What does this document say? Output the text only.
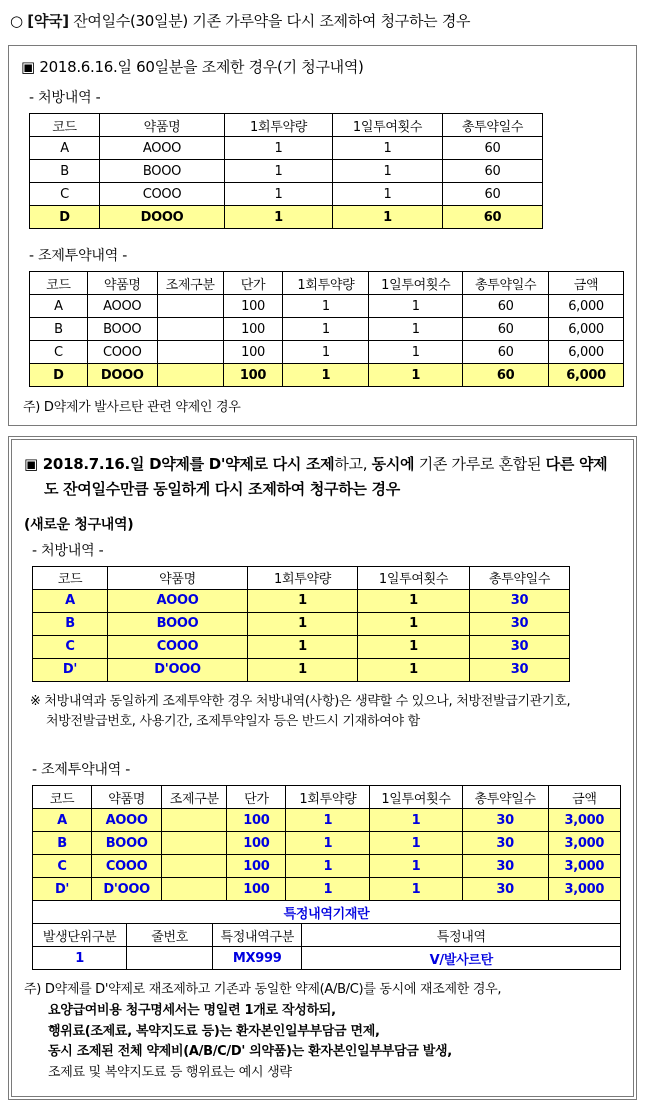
○ [약국] 잔여일수(30일분) 기존 가루약을 다시 조제하여 청구하는 경우
▣ 2018.6.16.일 60일분을 조제한 경우(기 청구내역)
- 처방내역 -
코드	약품명	1회투약량	1일투여횟수	총투약일수
A	AOOO	1	1	60
B	BOOO	1	1	60
C	COOO	1	1	60
D	DOOO	1	1	60
- 조제투약내역 -
코드	약품명	조제구분	단가	1회투약량	1일투여횟수	총투약일수	금액
A	AOOO		100	1	1	60	6,000
B	BOOO		100	1	1	60	6,000
C	COOO		100	1	1	60	6,000
D	DOOO		100	1	1	60	6,000
주) D약제가 발사르탄 관련 약제인 경우
▣ 2018.7.16.일 D약제를 D'약제로 다시 조제하고, 동시에 기존 가루로 혼합된 다른 약제도 잔여일수만큼 동일하게 다시 조제하여 청구하는 경우
(새로운 청구내역)
- 처방내역 -
코드	약품명	1회투약량	1일투여횟수	총투약일수
A	AOOO	1	1	30
B	BOOO	1	1	30
C	COOO	1	1	30
D'	D'OOO	1	1	30
※ 처방내역과 동일하게 조제투약한 경우 처방내역(사항)은 생략할 수 있으나, 처방전발급기관기호,
처방전발급번호, 사용기간, 조제투약일자 등은 반드시 기재하여야 함
- 조제투약내역 -
코드	약품명	조제구분	단가	1회투약량	1일투여횟수	총투약일수	금액
A	AOOO		100	1	1	30	3,000
B	BOOO		100	1	1	30	3,000
C	COOO		100	1	1	30	3,000
D'	D'OOO		100	1	1	30	3,000
특정내역기재란			
발생단위구분	줄번호	특정내역구분	특정내역
1		MX999	V/발사르탄
주) D약제를 D'약제로 재조제하고 기존과 동일한 약제(A/B/C)를 동시에 재조제한 경우,
요양급여비용 청구명세서는 명일련 1개로 작성하되,
행위료(조제료, 복약지도료 등)는 환자본인일부부담금 면제,
동시 조제된 전체 약제비(A/B/C/D' 의약품)는 환자본인일부부담금 발생,
조제료 및 복약지도료 등 행위료는 예시 생략
